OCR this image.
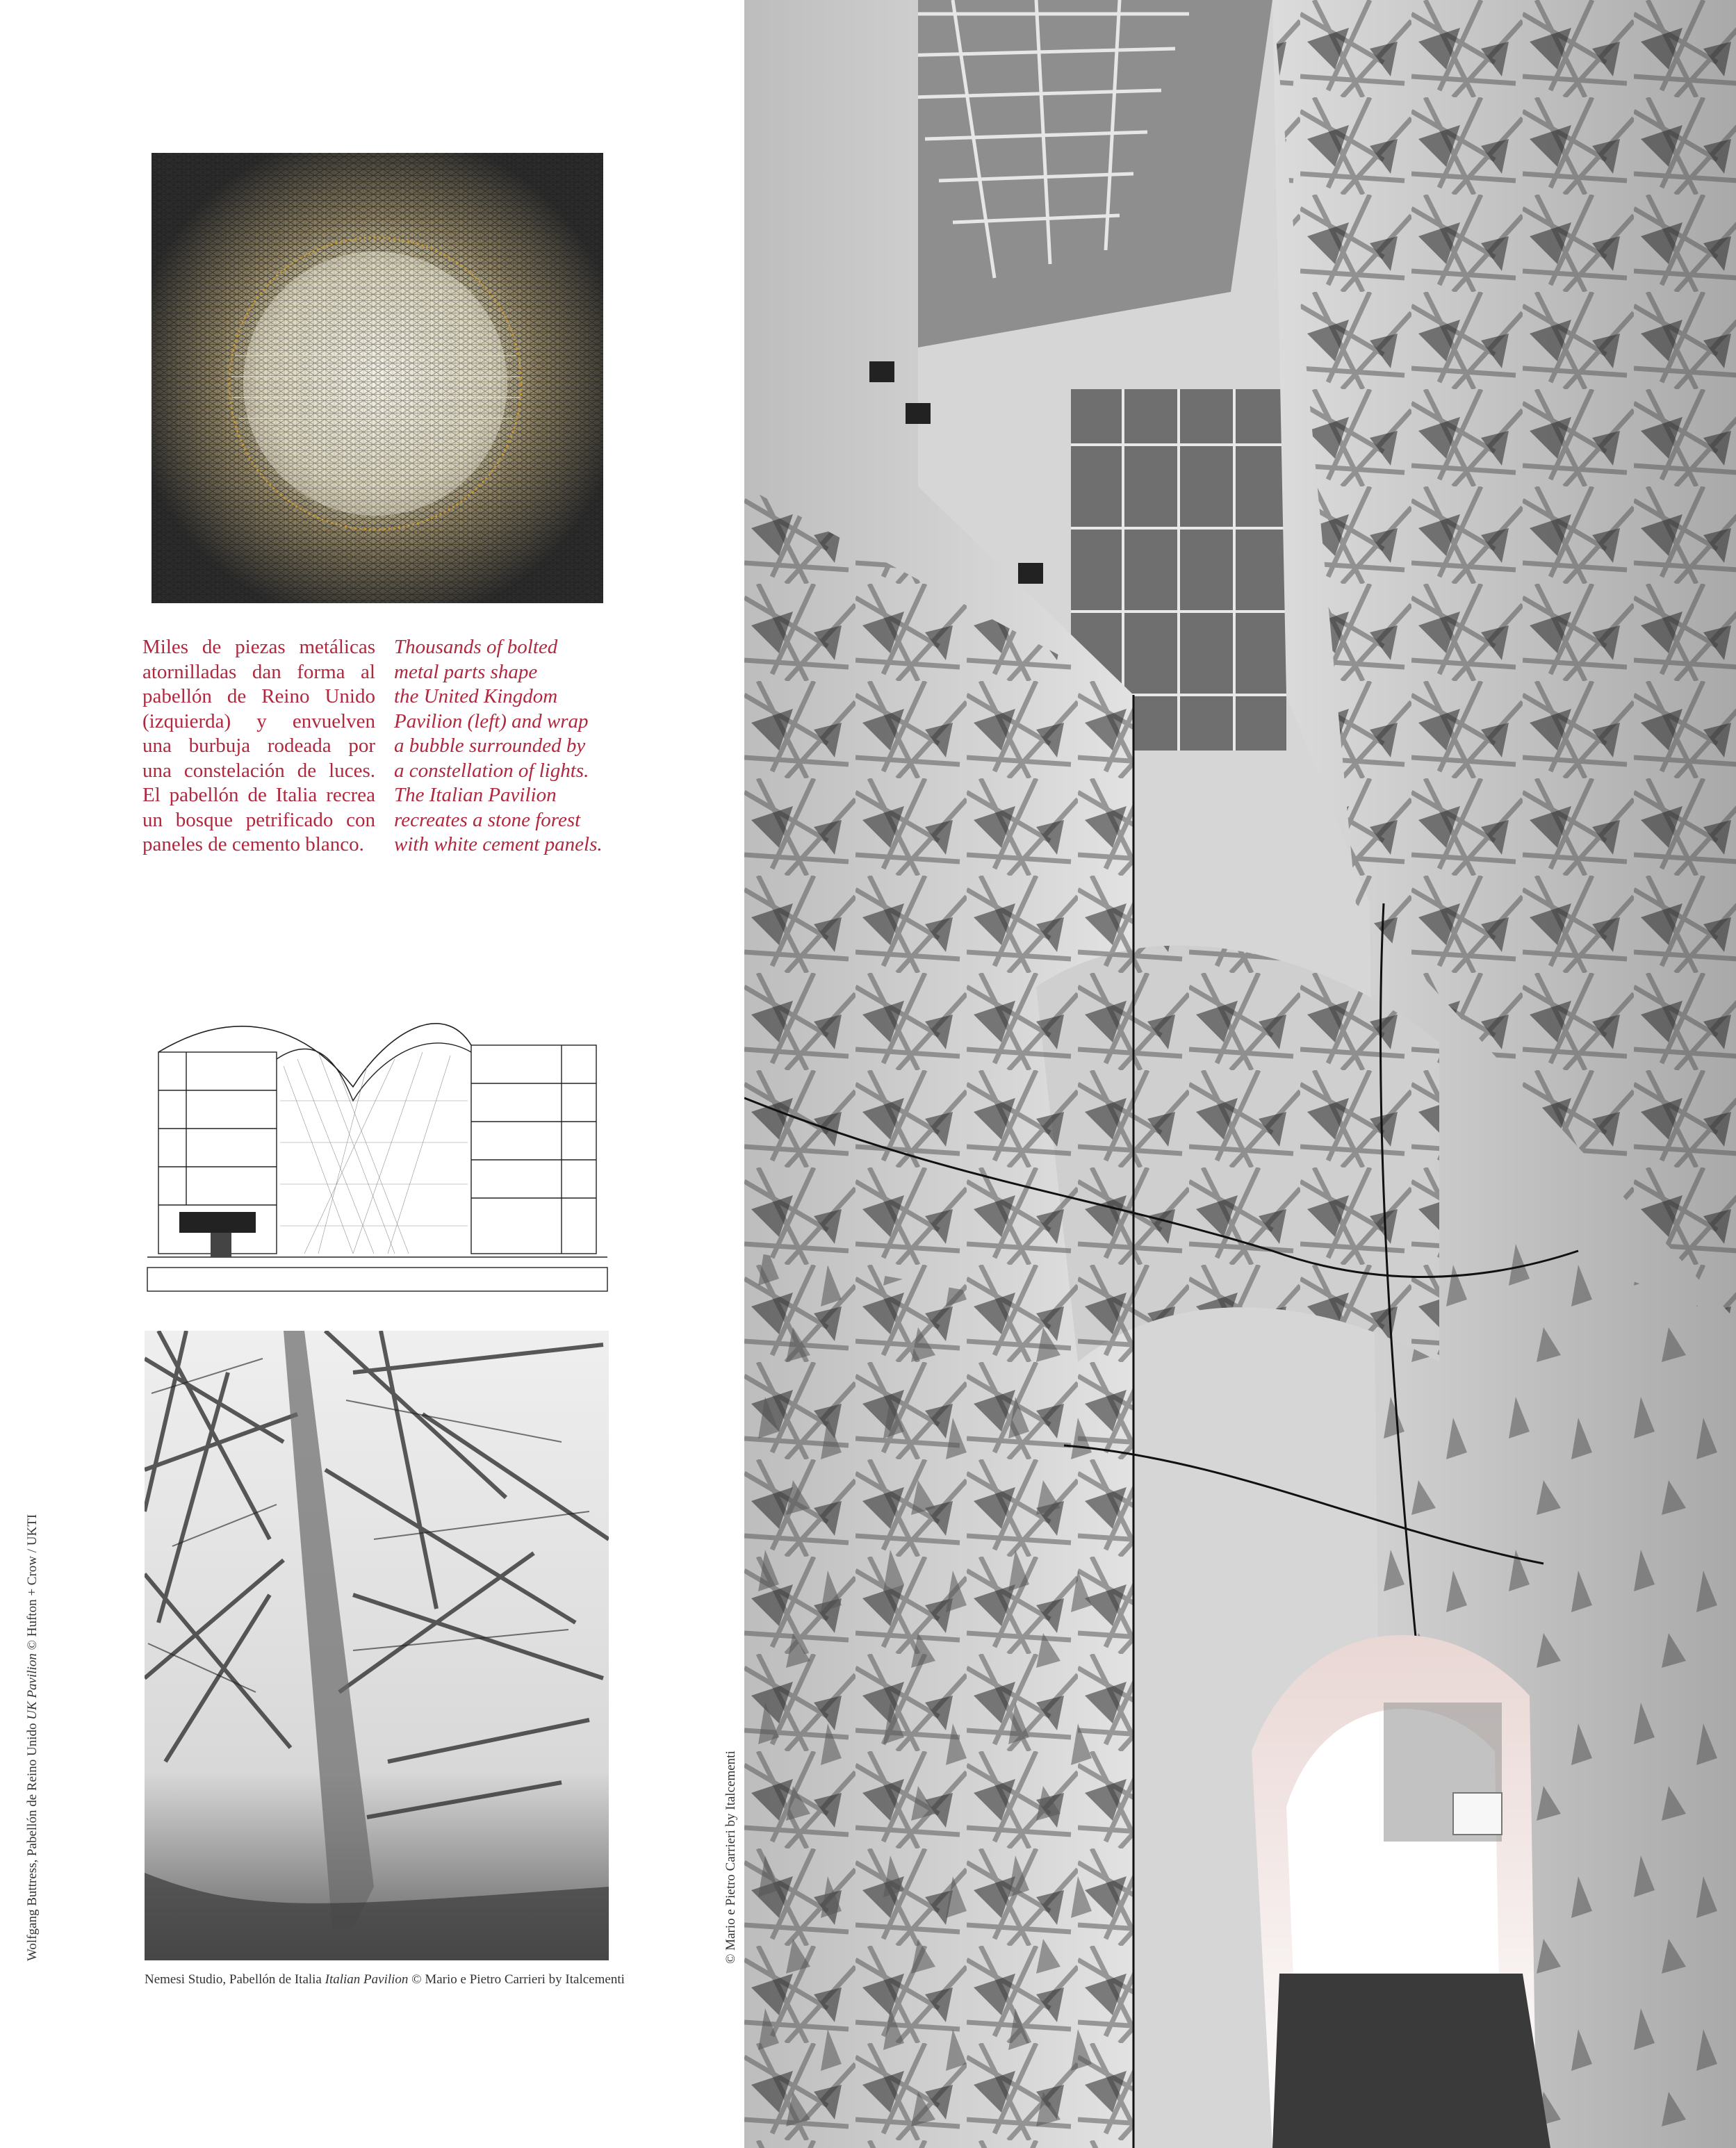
Miles de piezas metálicas
atornilladas dan forma al
pabellón de Reino Unido
(izquierda) y envuelven
una burbuja rodeada por
una constelación de luces.
El pabellón de Italia recrea
un bosque petrificado con
paneles de cemento blanco.
Thousands of bolted
metal parts shape
the United Kingdom
Pavilion (left) and wrap
a bubble surrounded by
a constellation of lights.
The Italian Pavilion
recreates a stone forest
with white cement panels.
Nemesi Studio, Pabellón de Italia Italian Pavilion © Mario e Pietro Carrieri by Italcementi
Wolfgang Buttress, Pabellón de Reino Unido UK Pavilion © Hufton + Crow / UKTI
© Mario e Pietro Carrieri by Italcementi
